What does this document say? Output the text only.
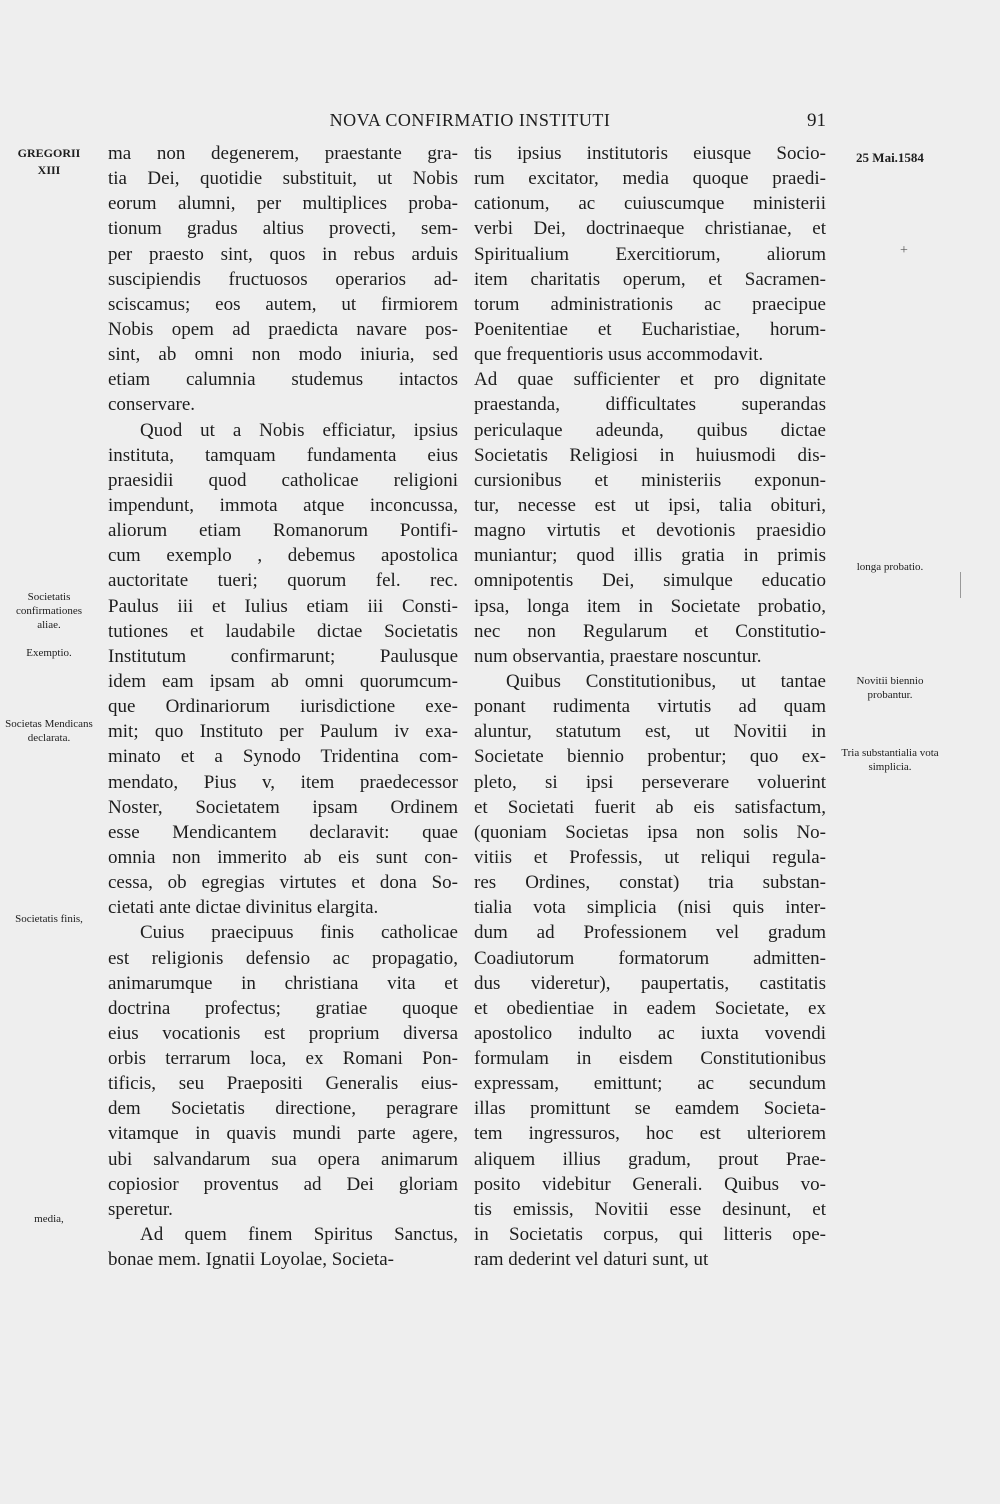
NOVA CONFIRMATIO INSTITUTI	91
GREGORII
XIII
Societatis confirmationes aliae.
Exemptio.
Societas Mendicans declarata.
Societatis finis,
media,
25 Mai.1584
+
longa probatio.
Novitii biennio probantur.
Tria substantialia vota simplicia.
ma non degenerem, praestante gra-
tia Dei, quotidie substituit, ut Nobis
eorum alumni, per multiplices proba-
tionum gradus altius provecti, sem-
per praesto sint, quos in rebus arduis
suscipiendis fructuosos operarios ad-
sciscamus; eos autem, ut firmiorem
Nobis opem ad praedicta navare pos-
sint, ab omni non modo iniuria, sed
etiam calumnia studemus intactos
conservare.
Quod ut a Nobis efficiatur, ipsius
instituta, tamquam fundamenta eius
praesidii quod catholicae religioni
impendunt, immota atque inconcussa,
aliorum etiam Romanorum Pontifi-
cum exemplo , debemus apostolica
auctoritate tueri; quorum fel. rec.
Paulus iii et Iulius etiam iii Consti-
tutiones et laudabile dictae Societatis
Institutum confirmarunt; Paulusque
idem eam ipsam ab omni quorumcum-
que Ordinariorum iurisdictione exe-
mit; quo Instituto per Paulum iv exa-
minato et a Synodo Tridentina com-
mendato, Pius v, item praedecessor
Noster, Societatem ipsam Ordinem
esse Mendicantem declaravit: quae
omnia non immerito ab eis sunt con-
cessa, ob egregias virtutes et dona So-
cietati ante dictae divinitus elargita.
Cuius praecipuus finis catholicae
est religionis defensio ac propagatio,
animarumque in christiana vita et
doctrina profectus; gratiae quoque
eius vocationis est proprium diversa
orbis terrarum loca, ex Romani Pon-
tificis, seu Praepositi Generalis eius-
dem Societatis directione, peragrare
vitamque in quavis mundi parte agere,
ubi salvandarum sua opera animarum
copiosior proventus ad Dei gloriam
speretur.
Ad quem finem Spiritus Sanctus,
bonae mem. Ignatii Loyolae, Societa-
tis ipsius institutoris eiusque Socio-
rum excitator, media quoque praedi-
cationum, ac cuiuscumque ministerii
verbi Dei, doctrinaeque christianae, et
Spiritualium Exercitiorum, aliorum
item charitatis operum, et Sacramen-
torum administrationis ac praecipue
Poenitentiae et Eucharistiae, horum-
que frequentioris usus accommodavit.
Ad quae sufficienter et pro dignitate
praestanda, difficultates superandas
periculaque adeunda, quibus dictae
Societatis Religiosi in huiusmodi dis-
cursionibus et ministeriis exponun-
tur, necesse est ut ipsi, talia obituri,
magno virtutis et devotionis praesidio
muniantur; quod illis gratia in primis
omnipotentis Dei, simulque educatio
ipsa, longa item in Societate probatio,
nec non Regularum et Constitutio-
num observantia, praestare noscuntur.
Quibus Constitutionibus, ut tantae
ponant rudimenta virtutis ad quam
aluntur, statutum est, ut Novitii in
Societate biennio probentur; quo ex-
pleto, si ipsi perseverare voluerint
et Societati fuerit ab eis satisfactum,
(quoniam Societas ipsa non solis No-
vitiis et Professis, ut reliqui regula-
res Ordines, constat) tria substan-
tialia vota simplicia (nisi quis inter-
dum ad Professionem vel gradum
Coadiutorum formatorum admitten-
dus videretur), paupertatis, castitatis
et obedientiae in eadem Societate, ex
apostolico indulto ac iuxta vovendi
formulam in eisdem Constitutionibus
expressam, emittunt; ac secundum
illas promittunt se eamdem Societa-
tem ingressuros, hoc est ulteriorem
aliquem illius gradum, prout Prae-
posito videbitur Generali. Quibus vo-
tis emissis, Novitii esse desinunt, et
in Societatis corpus, qui litteris ope-
ram dederint vel daturi sunt, ut
